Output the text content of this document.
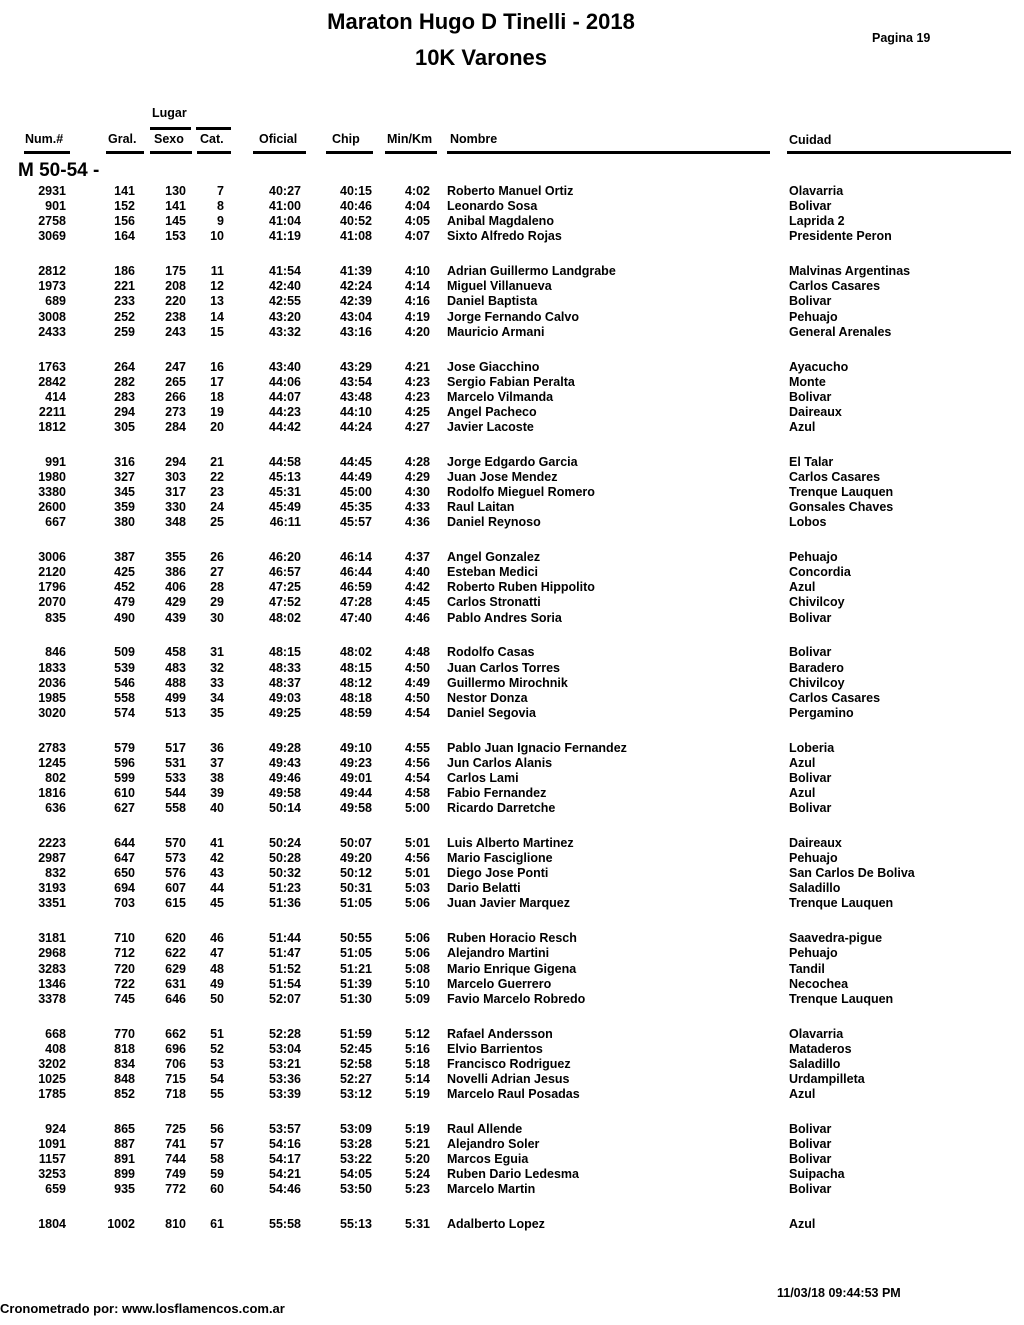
Maraton Hugo D Tinelli - 2018
10K Varones
Pagina 19
Lugar
Num.#	Gral. Sexo Cat.	Oficial	Chip Min/Km Nombre	Cuidad
M 50-54 -
2931	141 130 7	40:27	40:15	4:02 Roberto Manuel Ortiz	Olavarria
901	152 141 8	41:00	40:46	4:04 Leonardo Sosa	Bolivar
2758	156 145 9	41:04	40:52	4:05 Anibal Magdaleno	Laprida 2
3069	164 153 10	41:19	41:08	4:07 Sixto Alfredo Rojas	Presidente Peron
2812	186 175 11	41:54	41:39	4:10 Adrian Guillermo Landgrabe	Malvinas Argentinas
1973	221 208 12	42:40	42:24	4:14 Miguel Villanueva	Carlos Casares
689	233 220 13	42:55	42:39	4:16 Daniel Baptista	Bolivar
3008	252 238 14	43:20	43:04	4:19 Jorge Fernando Calvo	Pehuajo
2433	259 243 15	43:32	43:16	4:20 Mauricio Armani	General Arenales
1763	264 247 16	43:40	43:29	4:21 Jose Giacchino	Ayacucho
2842	282 265 17	44:06	43:54	4:23 Sergio Fabian Peralta	Monte
414	283 266 18	44:07	43:48	4:23 Marcelo Vilmanda	Bolivar
2211	294 273 19	44:23	44:10	4:25 Angel Pacheco	Daireaux
1812	305 284 20	44:42	44:24	4:27 Javier Lacoste	Azul
991	316 294 21	44:58	44:45	4:28 Jorge Edgardo Garcia	El Talar
1980	327 303 22	45:13	44:49	4:29 Juan Jose Mendez	Carlos Casares
3380	345 317 23	45:31	45:00	4:30 Rodolfo Mieguel Romero	Trenque Lauquen
2600	359 330 24	45:49	45:35	4:33 Raul Laitan	Gonsales Chaves
667	380 348 25	46:11	45:57	4:36 Daniel Reynoso	Lobos
3006	387 355 26	46:20	46:14	4:37 Angel Gonzalez	Pehuajo
2120	425 386 27	46:57	46:44	4:40 Esteban Medici	Concordia
1796	452 406 28	47:25	46:59	4:42 Roberto Ruben Hippolito	Azul
2070	479 429 29	47:52	47:28	4:45 Carlos Stronatti	Chivilcoy
835	490 439 30	48:02	47:40	4:46 Pablo Andres Soria	Bolivar
846	509 458 31	48:15	48:02	4:48 Rodolfo Casas	Bolivar
1833	539 483 32	48:33	48:15	4:50 Juan Carlos Torres	Baradero
2036	546 488 33	48:37	48:12	4:49 Guillermo Mirochnik	Chivilcoy
1985	558 499 34	49:03	48:18	4:50 Nestor Donza	Carlos Casares
3020	574 513 35	49:25	48:59	4:54 Daniel Segovia	Pergamino
2783	579 517 36	49:28	49:10	4:55 Pablo Juan Ignacio Fernandez	Loberia
1245	596 531 37	49:43	49:23	4:56 Jun Carlos Alanis	Azul
802	599 533 38	49:46	49:01	4:54 Carlos Lami	Bolivar
1816	610 544 39	49:58	49:44	4:58 Fabio Fernandez	Azul
636	627 558 40	50:14	49:58	5:00 Ricardo Darretche	Bolivar
2223	644 570 41	50:24	50:07	5:01 Luis Alberto Martinez	Daireaux
2987	647 573 42	50:28	49:20	4:56 Mario Fasciglione	Pehuajo
832	650 576 43	50:32	50:12	5:01 Diego Jose Ponti	San Carlos De Boliva
3193	694 607 44	51:23	50:31	5:03 Dario Belatti	Saladillo
3351	703 615 45	51:36	51:05	5:06 Juan Javier Marquez	Trenque Lauquen
3181	710 620 46	51:44	50:55	5:06 Ruben Horacio Resch	Saavedra-pigue
2968	712 622 47	51:47	51:05	5:06 Alejandro Martini	Pehuajo
3283	720 629 48	51:52	51:21	5:08 Mario Enrique Gigena	Tandil
1346	722 631 49	51:54	51:39	5:10 Marcelo Guerrero	Necochea
3378	745 646 50	52:07	51:30	5:09 Favio Marcelo Robredo	Trenque Lauquen
668	770 662 51	52:28	51:59	5:12 Rafael Andersson	Olavarria
408	818 696 52	53:04	52:45	5:16 Elvio Barrientos	Mataderos
3202	834 706 53	53:21	52:58	5:18 Francisco Rodriguez	Saladillo
1025	848 715 54	53:36	52:27	5:14 Novelli Adrian Jesus	Urdampilleta
1785	852 718 55	53:39	53:12	5:19 Marcelo Raul Posadas	Azul
924	865 725 56	53:57	53:09	5:19 Raul Allende	Bolivar
1091	887 741 57	54:16	53:28	5:21 Alejandro Soler	Bolivar
1157	891 744 58	54:17	53:22	5:20 Marcos Eguia	Bolivar
3253	899 749 59	54:21	54:05	5:24 Ruben Dario Ledesma	Suipacha
659	935 772 60	54:46	53:50	5:23 Marcelo Martin	Bolivar
1804	1002 810 61	55:58	55:13	5:31 Adalberto Lopez	Azul
Cronometrado por: www.losflamencos.com.ar
11/03/18 09:44:53 PM
